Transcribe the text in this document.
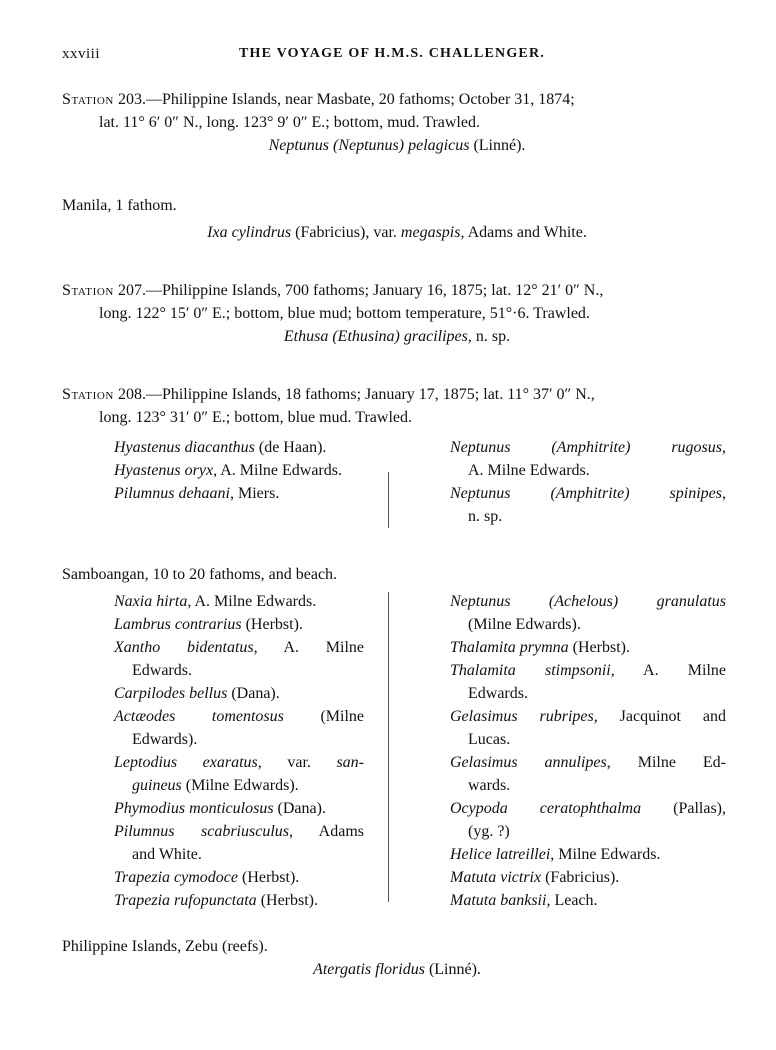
xxviii	THE VOYAGE OF H.M.S. CHALLENGER.
Station 203.—Philippine Islands, near Masbate, 20 fathoms; October 31, 1874;
lat. 11° 6′ 0″ N., long. 123° 9′ 0″ E.; bottom, mud. Trawled.
Neptunus (Neptunus) pelagicus (Linné).
Manila, 1 fathom.
Ixa cylindrus (Fabricius), var. megaspis, Adams and White.
Station 207.—Philippine Islands, 700 fathoms; January 16, 1875; lat. 12° 21′ 0″ N.,
long. 122° 15′ 0″ E.; bottom, blue mud; bottom temperature, 51°·6. Trawled.
Ethusa (Ethusina) gracilipes, n. sp.
Station 208.—Philippine Islands, 18 fathoms; January 17, 1875; lat. 11° 37′ 0″ N.,
long. 123° 31′ 0″ E.; bottom, blue mud. Trawled.

Hyastenus diacanthus (de Haan).

Hyastenus oryx, A. Milne Edwards.

Pilumnus dehaani, Miers.

Neptunus (Amphitrite) rugosus,
A. Milne Edwards.
Neptunus (Amphitrite) spinipes,
n. sp.
Samboangan, 10 to 20 fathoms, and beach.

Naxia hirta, A. Milne Edwards.

Lambrus contrarius (Herbst).

Xantho bidentatus, A. Milne
Edwards.

Carpilodes bellus (Dana).

Actæodes tomentosus (Milne
Edwards).
Leptodius exaratus, var. san-
guineus (Milne Edwards).

Phymodius monticulosus (Dana).

Pilumnus scabriusculus, Adams
and White.

Trapezia cymodoce (Herbst).

Trapezia rufopunctata (Herbst).

Neptunus (Achelous) granulatus
(Milne Edwards).

Thalamita prymna (Herbst).

Thalamita stimpsonii, A. Milne
Edwards.
Gelasimus rubripes, Jacquinot and
Lucas.
Gelasimus annulipes, Milne Ed-
wards.
Ocypoda ceratophthalma (Pallas),
(yg. ?)

Helice latreillei, Milne Edwards.

Matuta victrix (Fabricius).

Matuta banksii, Leach.

Philippine Islands, Zebu (reefs).
Atergatis floridus (Linné).
